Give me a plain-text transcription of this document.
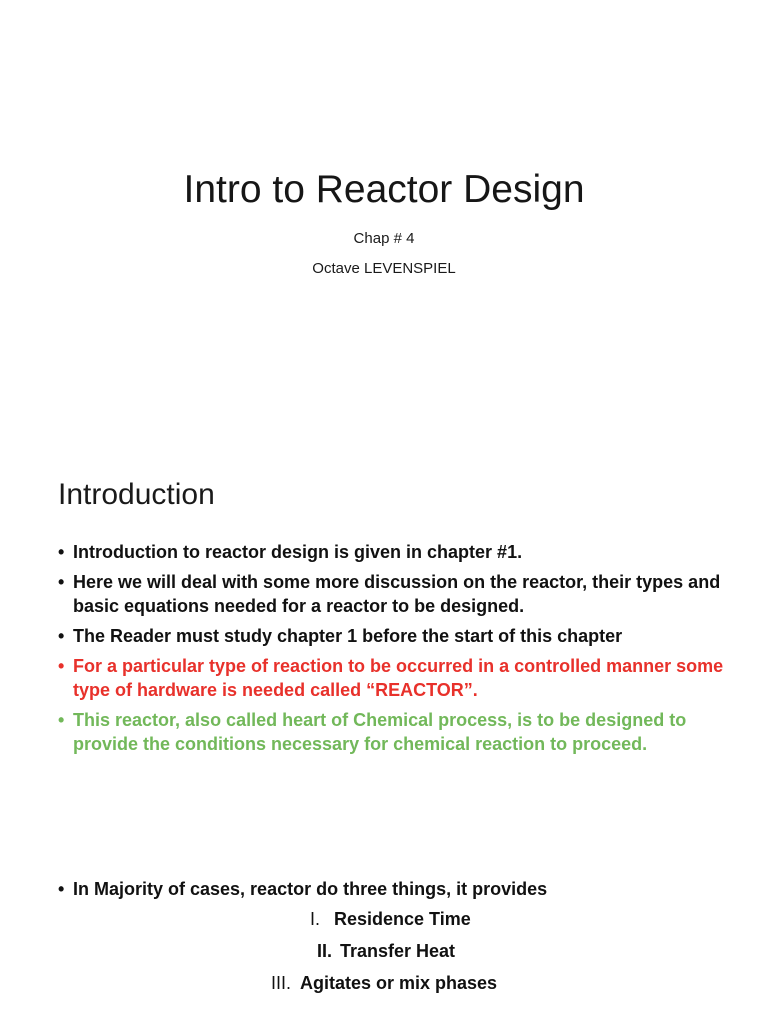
Intro to Reactor Design
Chap # 4
Octave LEVENSPIEL
Introduction
• Introduction to reactor design is given in chapter #1.
• Here we will deal with some more discussion on the reactor, their types and basic equations needed for a reactor to be designed.
• The Reader must study chapter 1 before the start of this chapter
• For a particular type of reaction to be occurred in a controlled manner some type of hardware is needed called “REACTOR”.
• This reactor, also called heart of Chemical process, is to be designed to provide the conditions necessary for chemical reaction to proceed.
• In Majority of cases, reactor do three things, it provides
I. Residence Time
II. Transfer Heat
III. Agitates or mix phases
